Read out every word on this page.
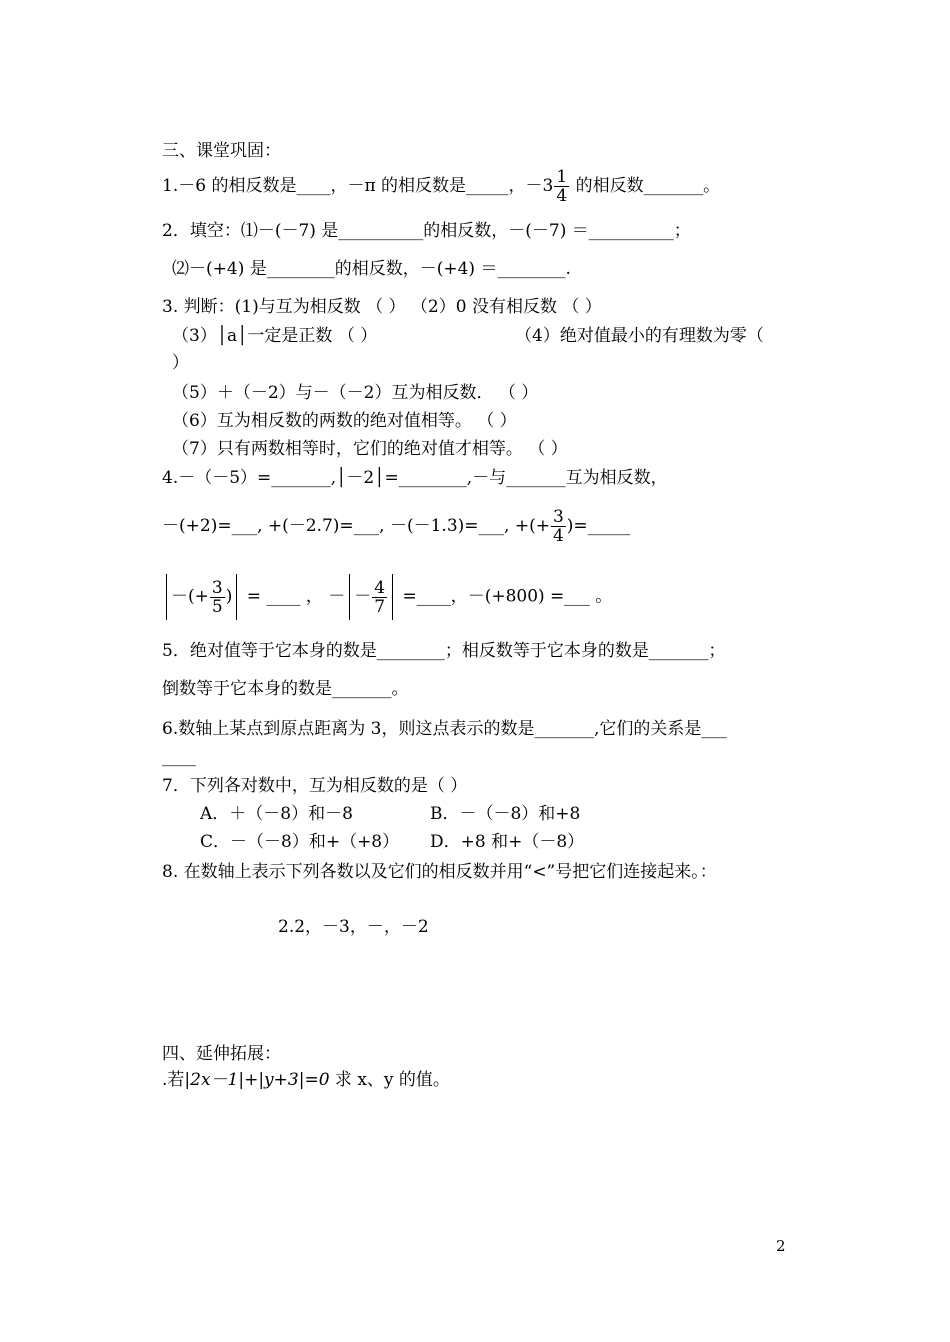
三、课堂巩固：
1.－6 的相反数是____，－π 的相反数是_____，$-3 \frac{1}{4}$ 的相反数_______。
2．填空：⑴－(－7) 是__________的相反数，－(－7) ＝__________；
⑵－(+4) 是________的相反数，－(+4) ＝________.
3. 判断：(1)与互为相反数 （ ） （2）0 没有相反数 （ ）
（3）│a│一定是正数 （ ）	（4）绝对值最小的有理数为零（
）
（5）＋（－2）与－（－2）互为相反数． （ ）
（6）互为相反数的两数的绝对值相等。 （ ）
（7）只有两数相等时，它们的绝对值才相等。 （ ）
4.－（－5）=_______,│－2│=________,－与_______互为相反数，
－(+2)=___, +(－2.7)=___, －(－1.3)=___, +(+ $\frac{3}{4}$ )=_____
－(+ $\frac{3}{5}$ ) = ____ ， － － $\frac{4}{7}$ =____，－(+800) =___ 。
5．绝对值等于它本身的数是________；相反数等于它本身的数是_______；
倒数等于它本身的数是_______。
6.数轴上某点到原点距离为 3，则这点表示的数是_______,它们的关系是___
____
7．下列各对数中，互为相反数的是（ ）
A．＋（－8）和－8	B．－（－8）和+8
C．－（－8）和+（+8） D．+8 和+（－8）
8. 在数轴上表示下列各数以及它们的相反数并用“<”号把它们连接起来。：
2.2，－3，－，－2
四、延伸拓展：
.若|2x－1|+|y+3|=0 求 x、y 的值。
2
